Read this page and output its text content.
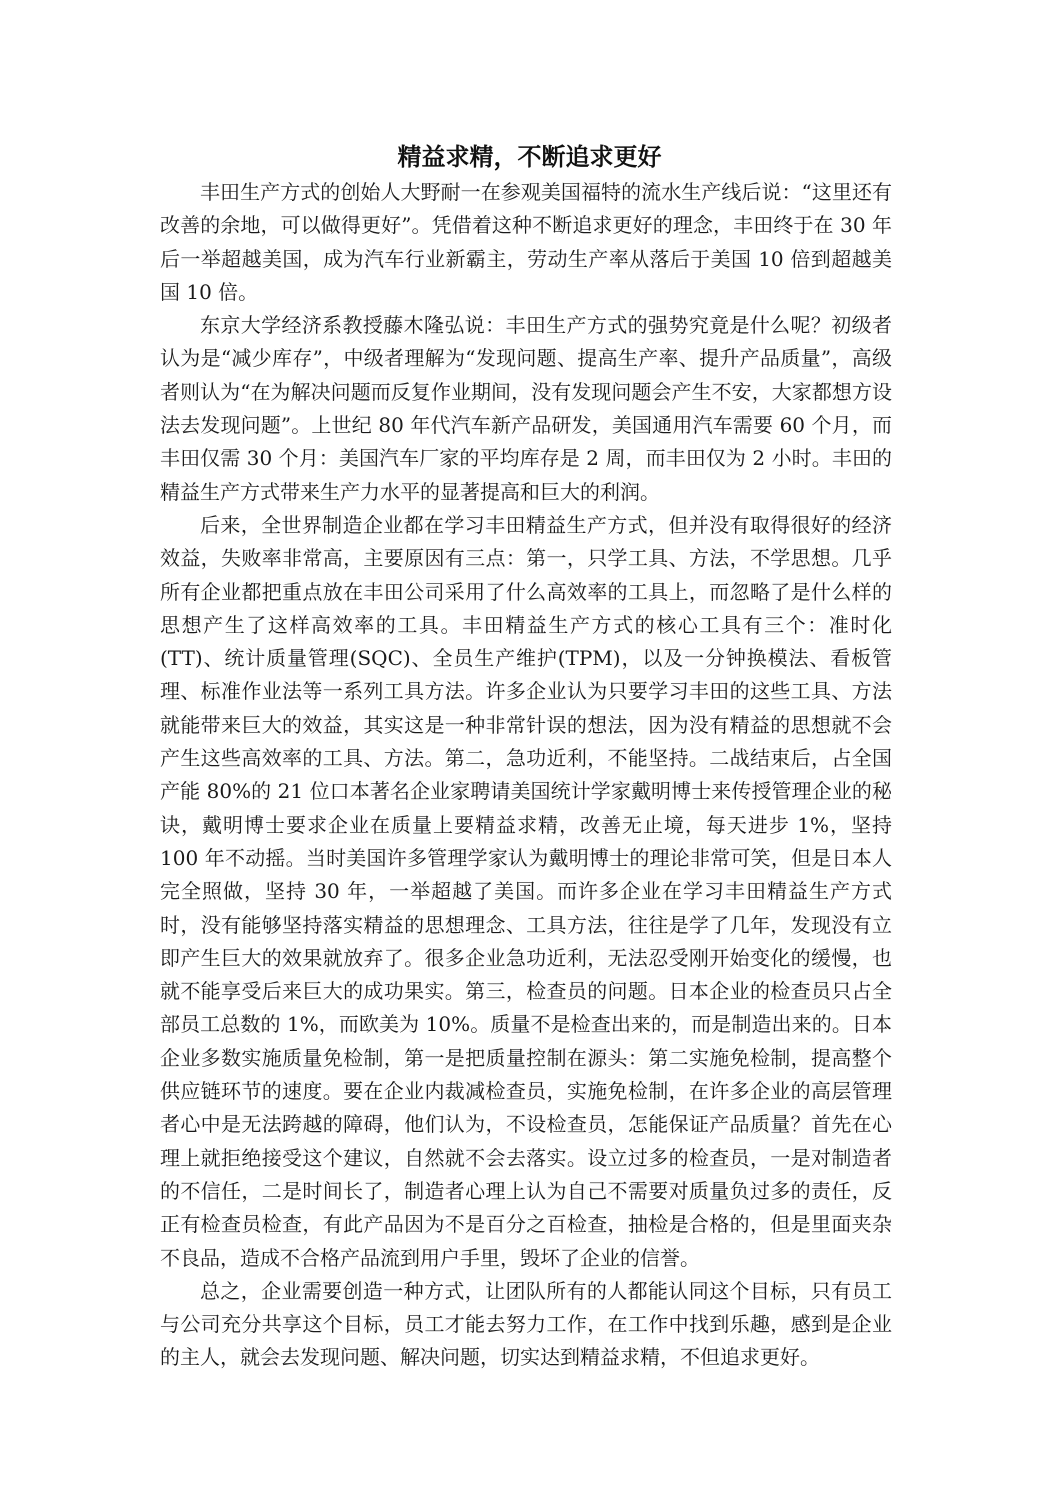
精益求精，不断追求更好

丰田生产方式的创始人大野耐一在参观美国福特的流水生产线后说：“这里还有改善的余地，可以做得更好”。凭借着这种不断追求更好的理念，丰田终于在 30 年后一举超越美国，成为汽车行业新霸主，劳动生产率从落后于美国 10 倍到超越美国 10 倍。

东京大学经济系教授藤木隆弘说：丰田生产方式的强势究竟是什么呢？初级者认为是“减少库存”，中级者理解为“发现问题、提高生产率、提升产品质量”，高级者则认为“在为解决问题而反复作业期间，没有发现问题会产生不安，大家都想方设法去发现问题”。上世纪 80 年代汽车新产品研发，美国通用汽车需要 60 个月，而丰田仅需 30 个月：美国汽车厂家的平均库存是 2 周，而丰田仅为 2 小时。丰田的精益生产方式带来生产力水平的显著提高和巨大的利润。

后来，全世界制造企业都在学习丰田精益生产方式，但并没有取得很好的经济效益，失败率非常高，主要原因有三点：第一，只学工具、方法，不学思想。几乎所有企业都把重点放在丰田公司采用了什么高效率的工具上，而忽略了是什么样的思想产生了这样高效率的工具。丰田精益生产方式的核心工具有三个：准时化(TT)、统计质量管理(SQC)、全员生产维护(TPM)，以及一分钟换模法、看板管理、标准作业法等一系列工具方法。许多企业认为只要学习丰田的这些工具、方法就能带来巨大的效益，其实这是一种非常针误的想法，因为没有精益的思想就不会产生这些高效率的工具、方法。第二，急功近利，不能坚持。二战结束后，占全国产能 80%的 21 位口本著名企业家聘请美国统计学家戴明博士来传授管理企业的秘诀，戴明博士要求企业在质量上要精益求精，改善无止境，每天进步 1%，坚持 100 年不动摇。当时美国许多管理学家认为戴明博士的理论非常可笑，但是日本人完全照做，坚持 30 年，一举超越了美国。而许多企业在学习丰田精益生产方式时，没有能够坚持落实精益的思想理念、工具方法，往往是学了几年，发现没有立即产生巨大的效果就放弃了。很多企业急功近利，无法忍受刚开始变化的缓慢，也就不能享受后来巨大的成功果实。第三，检查员的问题。日本企业的检查员只占全部员工总数的 1%，而欧美为 10%。质量不是检查出来的，而是制造出来的。日本企业多数实施质量免检制，第一是把质量控制在源头：第二实施免检制，提高整个供应链环节的速度。要在企业内裁减检查员，实施免检制，在许多企业的高层管理者心中是无法跨越的障碍，他们认为，不设检查员，怎能保证产品质量？首先在心理上就拒绝接受这个建议，自然就不会去落实。设立过多的检查员，一是对制造者的不信任，二是时间长了，制造者心理上认为自己不需要对质量负过多的责任，反正有检查员检查，有此产品因为不是百分之百检查，抽检是合格的，但是里面夹杂不良品，造成不合格产品流到用户手里，毁坏了企业的信誉。

总之，企业需要创造一种方式，让团队所有的人都能认同这个目标，只有员工与公司充分共享这个目标，员工才能去努力工作，在工作中找到乐趣，感到是企业的主人，就会去发现问题、解决问题，切实达到精益求精，不但追求更好。
